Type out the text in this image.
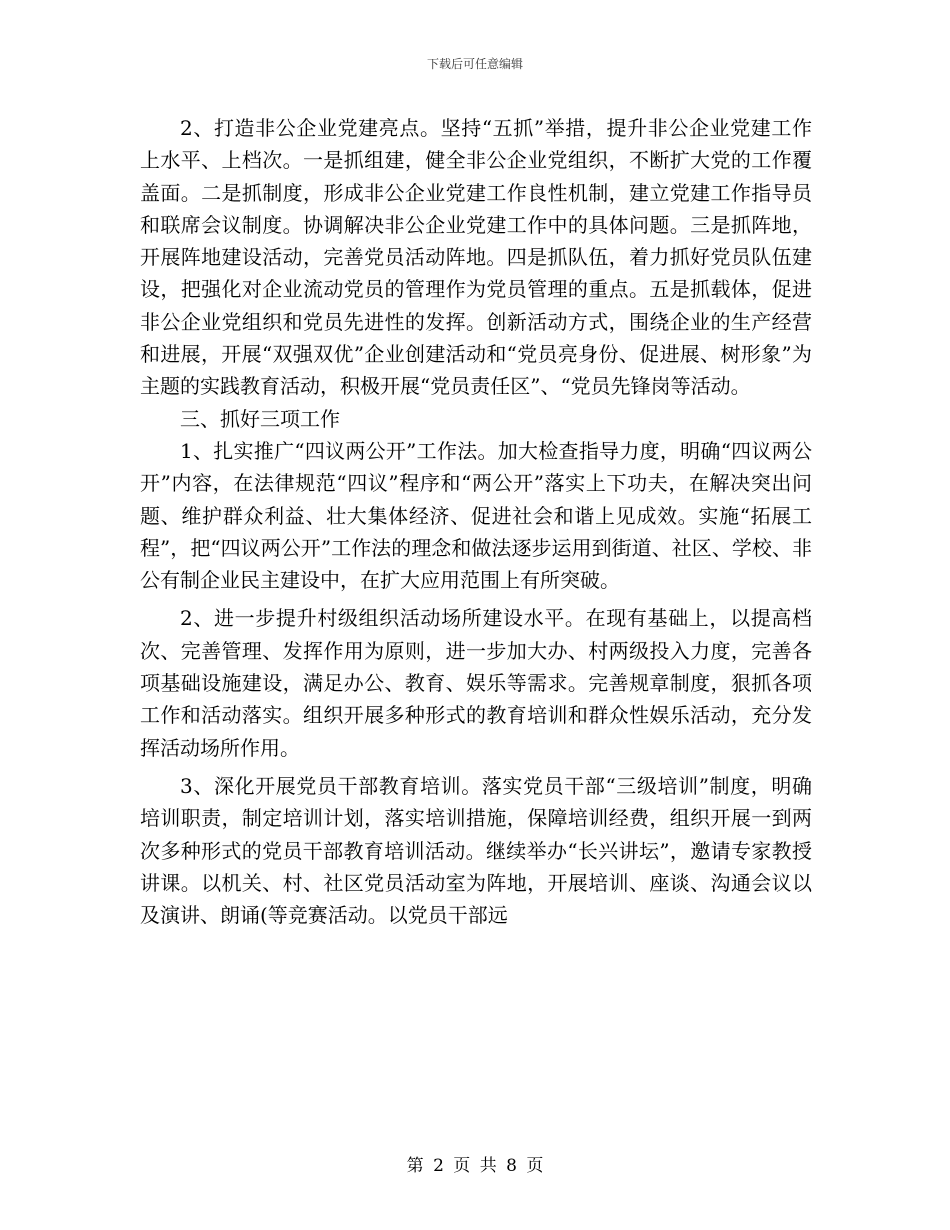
下载后可任意编辑

2、打造非公企业党建亮点。坚持“五抓”举措，提升非公企业党建工作上水平、上档次。一是抓组建，健全非公企业党组织，不断扩大党的工作覆盖面。二是抓制度，形成非公企业党建工作良性机制，建立党建工作指导员和联席会议制度。协调解决非公企业党建工作中的具体问题。三是抓阵地，开展阵地建设活动，完善党员活动阵地。四是抓队伍，着力抓好党员队伍建设，把强化对企业流动党员的管理作为党员管理的重点。五是抓载体，促进非公企业党组织和党员先进性的发挥。创新活动方式，围绕企业的生产经营和进展，开展“双强双优”企业创建活动和“党员亮身份、促进展、树形象”为主题的实践教育活动，积极开展“党员责任区”、“党员先锋岗等活动。

三、抓好三项工作

1、扎实推广“四议两公开”工作法。加大检查指导力度，明确“四议两公开”内容，在法律规范“四议”程序和“两公开”落实上下功夫，在解决突出问题、维护群众利益、壮大集体经济、促进社会和谐上见成效。实施“拓展工程”，把“四议两公开”工作法的理念和做法逐步运用到街道、社区、学校、非公有制企业民主建设中，在扩大应用范围上有所突破。

2、进一步提升村级组织活动场所建设水平。在现有基础上，以提高档次、完善管理、发挥作用为原则，进一步加大办、村两级投入力度，完善各项基础设施建设，满足办公、教育、娱乐等需求。完善规章制度，狠抓各项工作和活动落实。组织开展多种形式的教育培训和群众性娱乐活动，充分发挥活动场所作用。

3、深化开展党员干部教育培训。落实党员干部“三级培训”制度，明确培训职责，制定培训计划，落实培训措施，保障培训经费，组织开展一到两次多种形式的党员干部教育培训活动。继续举办“长兴讲坛”，邀请专家教授讲课。以机关、村、社区党员活动室为阵地，开展培训、座谈、沟通会议以及演讲、朗诵(等竞赛活动。以党员干部远

第 2 页 共 8 页
